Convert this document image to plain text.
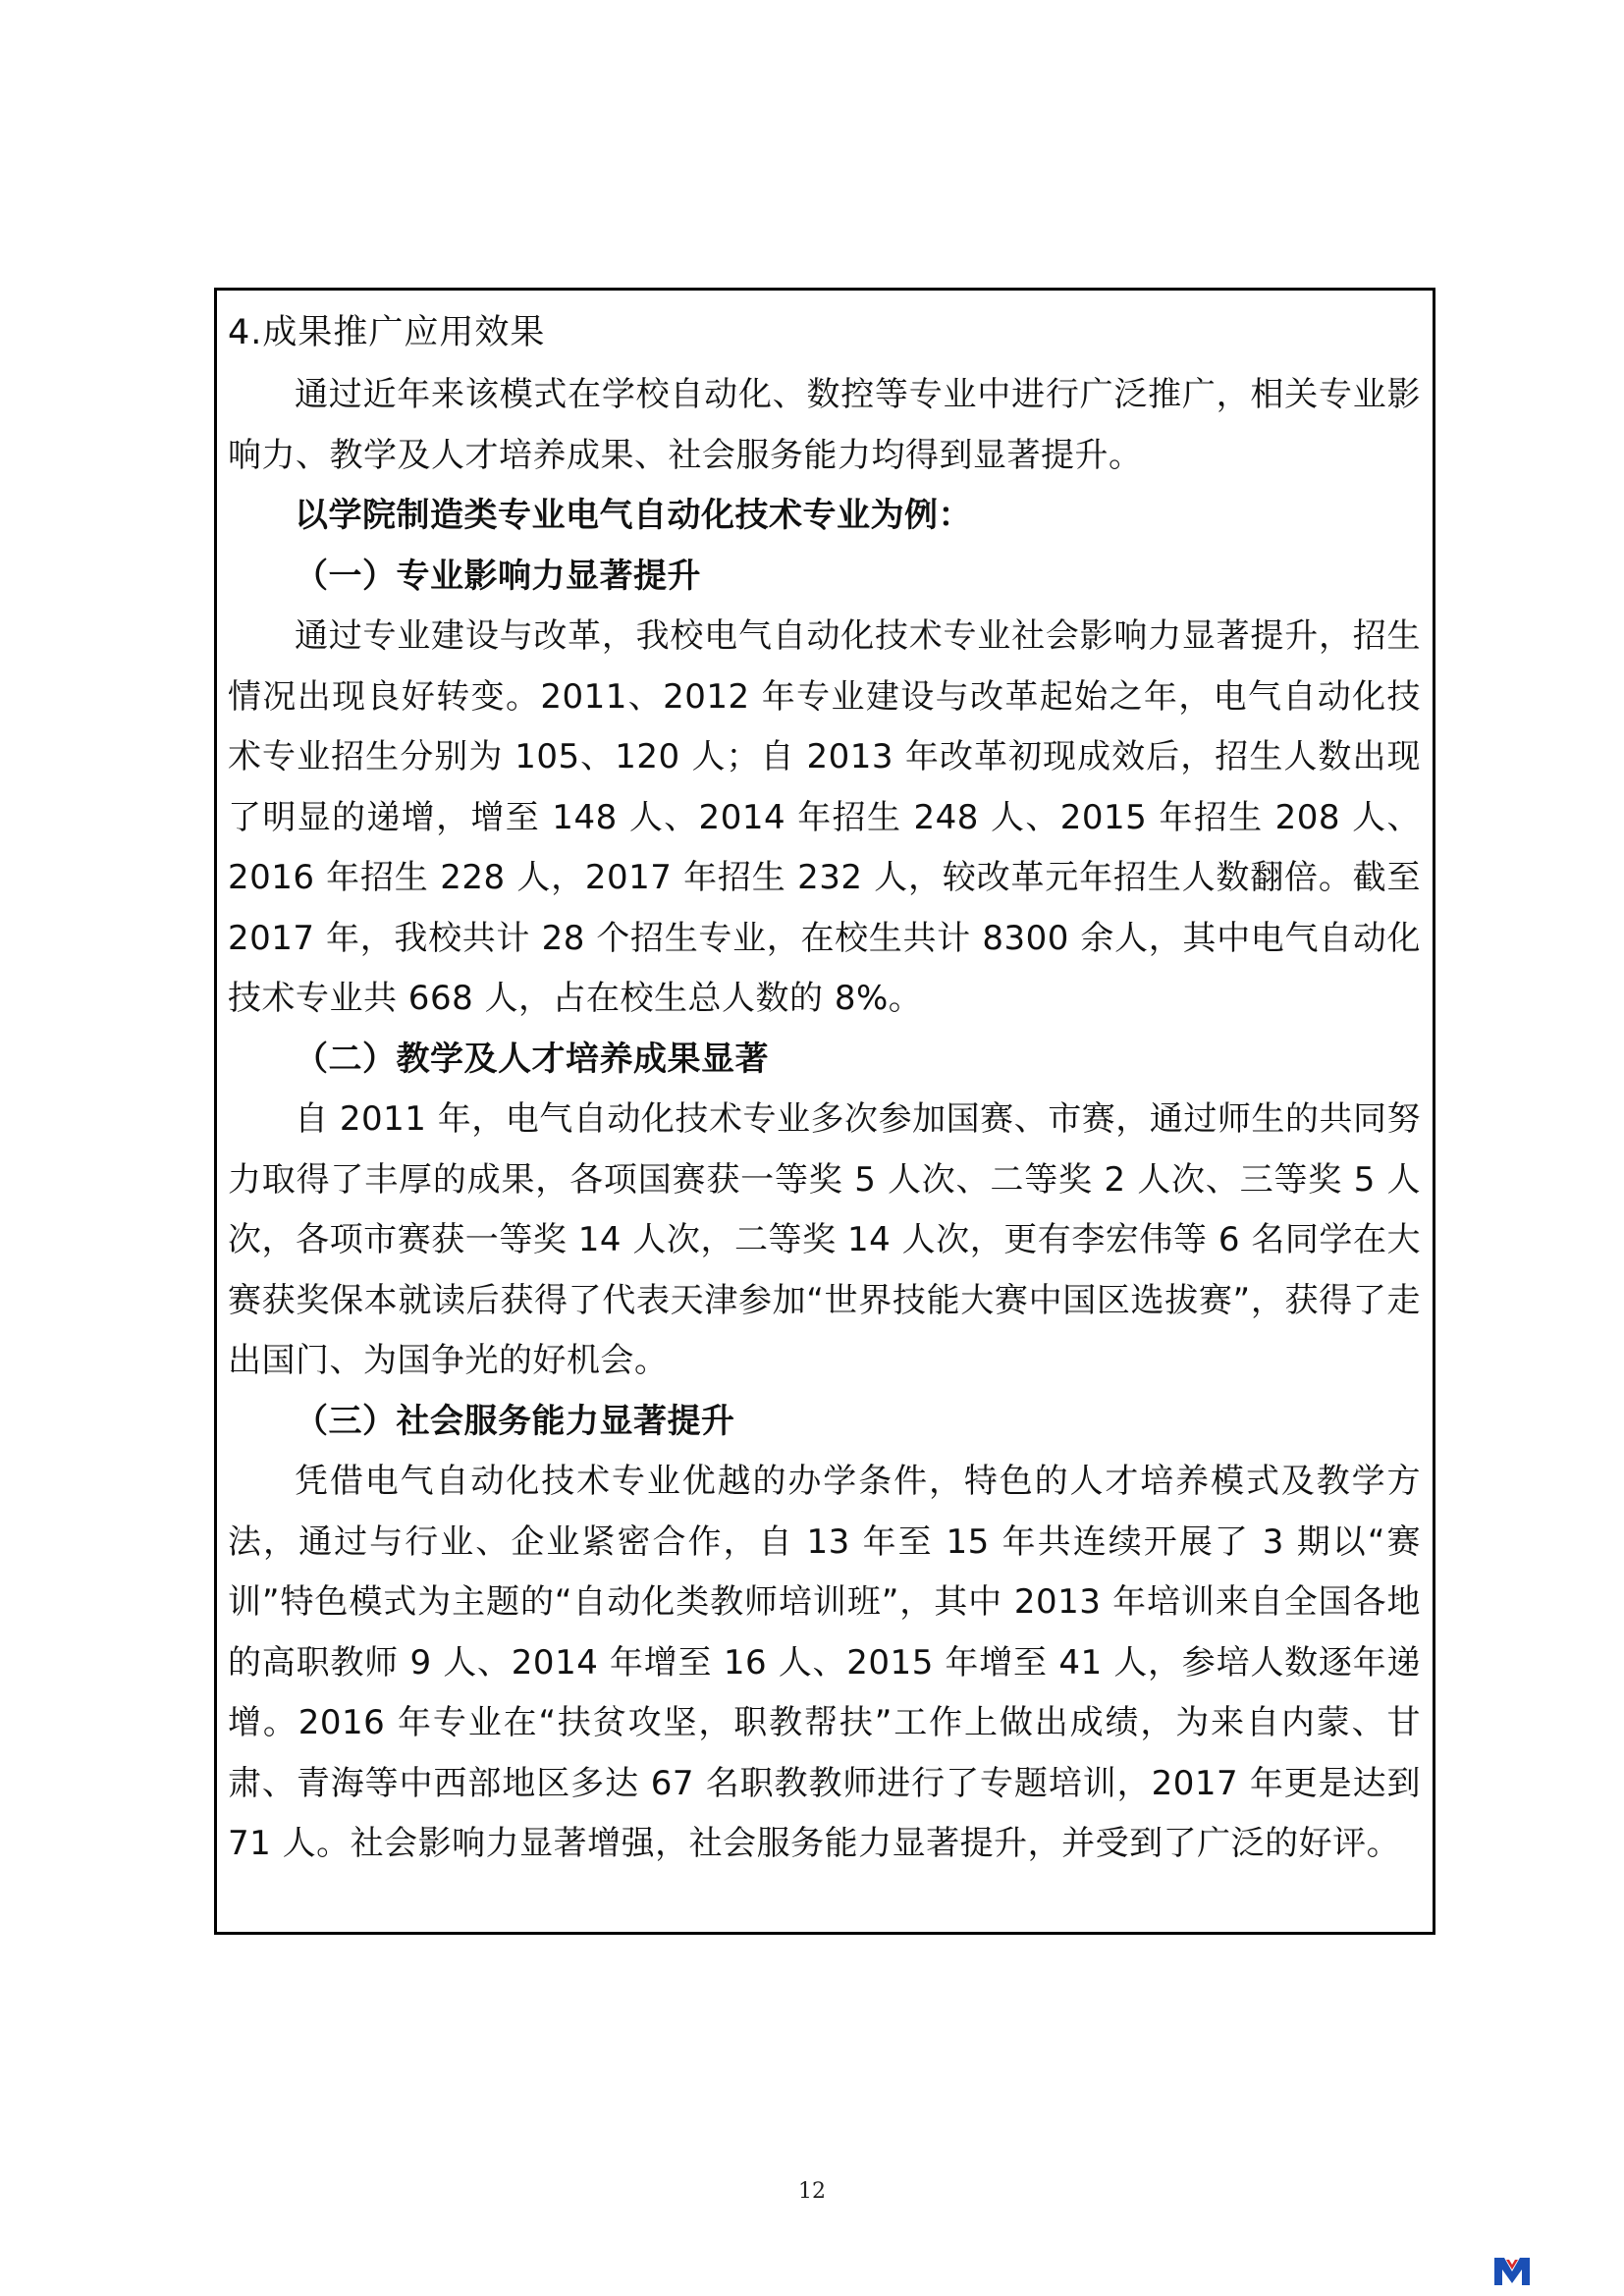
4.成果推广应用效果

通过近年来该模式在学校自动化、数控等专业中进行广泛推广，相关专业影响力、教学及人才培养成果、社会服务能力均得到显著提升。

以学院制造类专业电气自动化技术专业为例：

（一）专业影响力显著提升

通过专业建设与改革，我校电气自动化技术专业社会影响力显著提升，招生情况出现良好转变。2011、2012 年专业建设与改革起始之年，电气自动化技术专业招生分别为 105、120 人；自 2013 年改革初现成效后，招生人数出现了明显的递增，增至 148 人、2014 年招生 248 人、2015 年招生 208 人、2016 年招生 228 人，2017 年招生 232 人，较改革元年招生人数翻倍。截至 2017 年，我校共计 28 个招生专业，在校生共计 8300 余人，其中电气自动化技术专业共 668 人，占在校生总人数的 8%。

（二）教学及人才培养成果显著

自 2011 年，电气自动化技术专业多次参加国赛、市赛，通过师生的共同努力取得了丰厚的成果，各项国赛获一等奖 5 人次、二等奖 2 人次、三等奖 5 人次，各项市赛获一等奖 14 人次，二等奖 14 人次，更有李宏伟等 6 名同学在大赛获奖保本就读后获得了代表天津参加“世界技能大赛中国区选拔赛”，获得了走出国门、为国争光的好机会。

（三）社会服务能力显著提升

凭借电气自动化技术专业优越的办学条件，特色的人才培养模式及教学方法，通过与行业、企业紧密合作，自 13 年至 15 年共连续开展了 3 期以“赛训”特色模式为主题的“自动化类教师培训班”，其中 2013 年培训来自全国各地的高职教师 9 人、2014 年增至 16 人、2015 年增至 41 人，参培人数逐年递增。2016 年专业在“扶贫攻坚，职教帮扶”工作上做出成绩，为来自内蒙、甘肃、青海等中西部地区多达 67 名职教教师进行了专题培训，2017 年更是达到 71 人。社会影响力显著增强，社会服务能力显著提升，并受到了广泛的好评。

12
